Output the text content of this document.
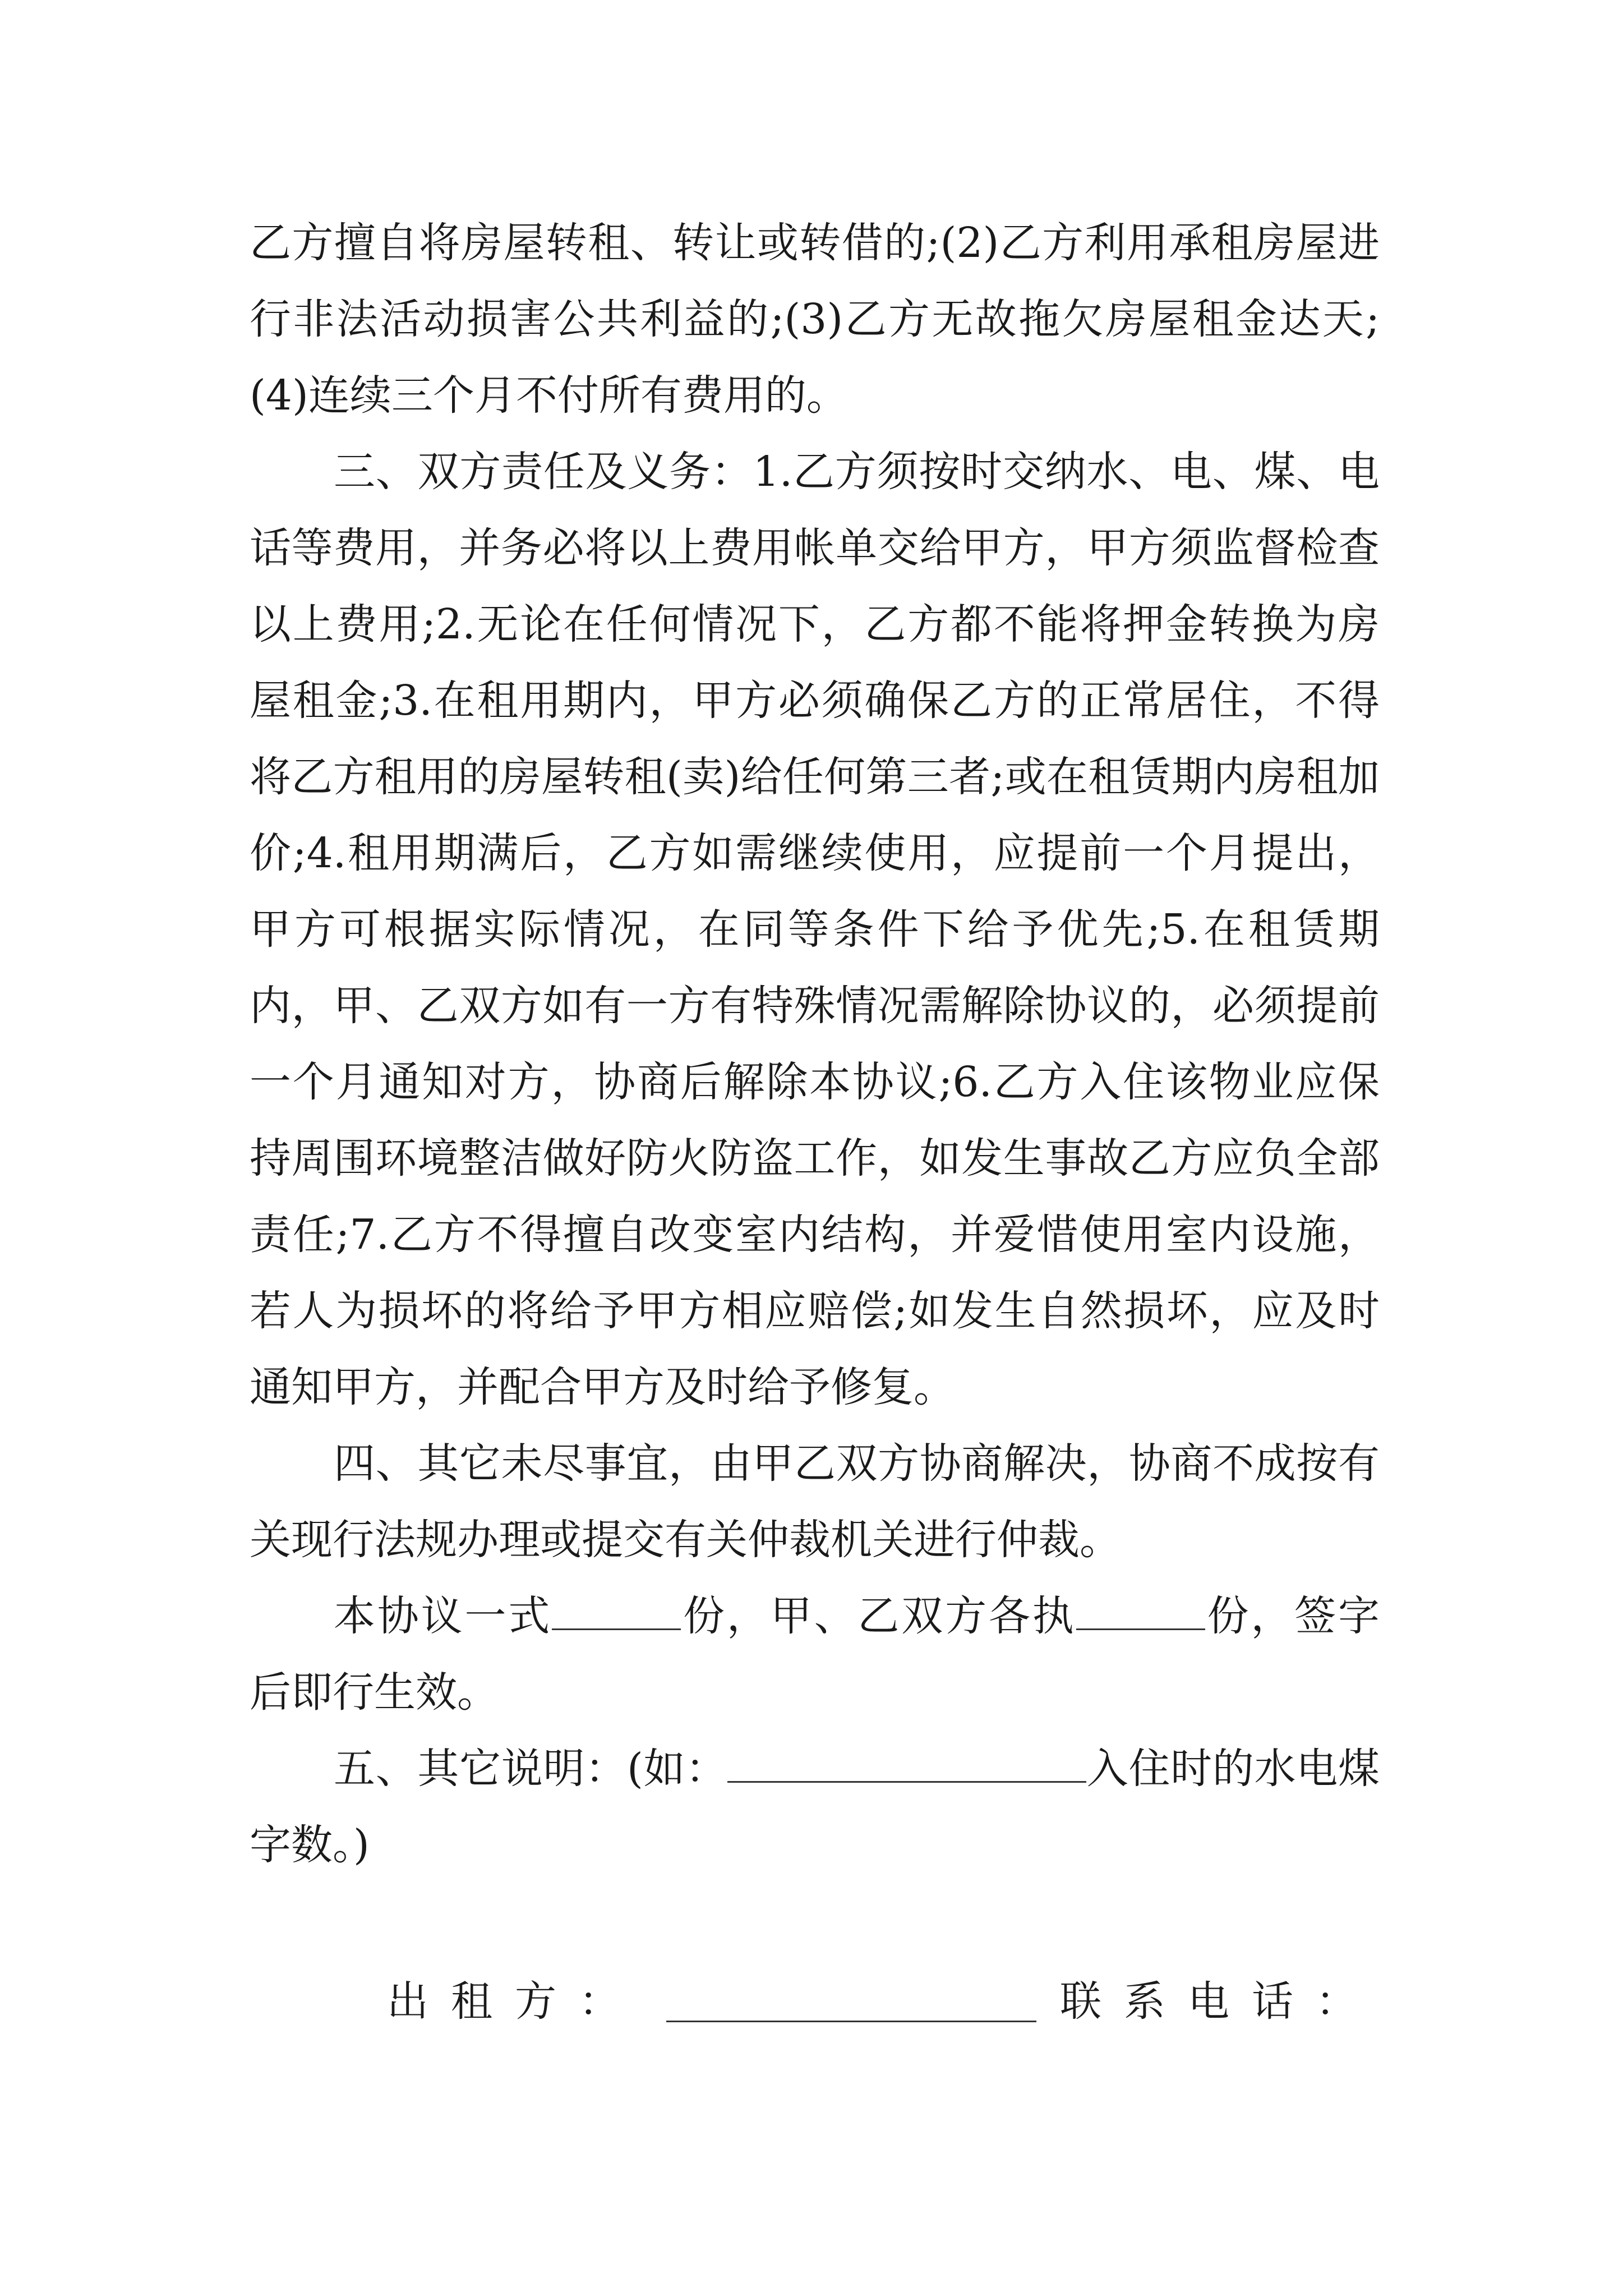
乙方擅自将房屋转租、转让或转借的;(2)乙方利用承租房屋进行非法活动损害公共利益的;(3)乙方无故拖欠房屋租金达天;(4)连续三个月不付所有费用的。

三、双方责任及义务：1.乙方须按时交纳水、电、煤、电话等费用，并务必将以上费用帐单交给甲方，甲方须监督检查以上费用;2.无论在任何情况下，乙方都不能将押金转换为房屋租金;3.在租用期内，甲方必须确保乙方的正常居住，不得将乙方租用的房屋转租(卖)给任何第三者;或在租赁期内房租加价;4.租用期满后，乙方如需继续使用，应提前一个月提出，甲方可根据实际情况，在同等条件下给予优先;5.在租赁期内，甲、乙双方如有一方有特殊情况需解除协议的，必须提前一个月通知对方，协商后解除本协议;6.乙方入住该物业应保持周围环境整洁做好防火防盗工作，如发生事故乙方应负全部责任;7.乙方不得擅自改变室内结构，并爱惜使用室内设施，若人为损坏的将给予甲方相应赔偿;如发生自然损坏，应及时通知甲方，并配合甲方及时给予修复。

四、其它未尽事宜，由甲乙双方协商解决，协商不成按有关现行法规办理或提交有关仲裁机关进行仲裁。

本协议一式	份，甲、乙双方各执	份，签字后即行生效。

五、其它说明：(如：	入住时的水电煤字数。)

出租方：	联系电话：
